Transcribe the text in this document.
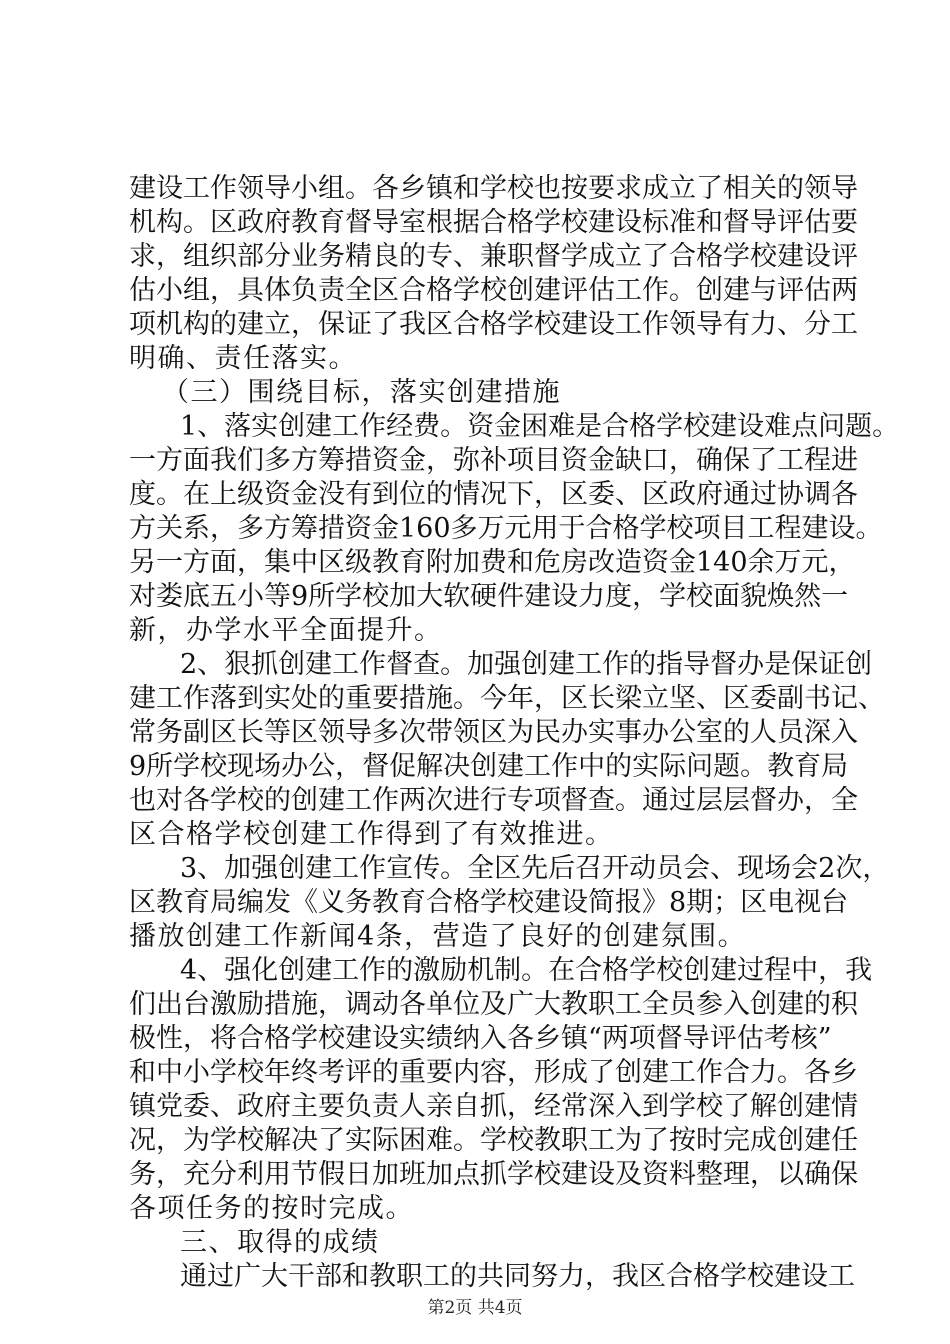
建设工作领导小组。各乡镇和学校也按要求成立了相关的领导
机构。区政府教育督导室根据合格学校建设标准和督导评估要
求，组织部分业务精良的专、兼职督学成立了合格学校建设评
估小组，具体负责全区合格学校创建评估工作。创建与评估两
项机构的建立，保证了我区合格学校建设工作领导有力、分工
明确、责任落实。
（三）围绕目标，落实创建措施
1、落实创建工作经费。资金困难是合格学校建设难点问题。
一方面我们多方筹措资金，弥补项目资金缺口，确保了工程进
度。在上级资金没有到位的情况下，区委、区政府通过协调各
方关系，多方筹措资金160多万元用于合格学校项目工程建设。
另一方面，集中区级教育附加费和危房改造资金140余万元，
对娄底五小等9所学校加大软硬件建设力度，学校面貌焕然一
新，办学水平全面提升。
2、狠抓创建工作督查。加强创建工作的指导督办是保证创
建工作落到实处的重要措施。今年，区长梁立坚、区委副书记、
常务副区长等区领导多次带领区为民办实事办公室的人员深入
9所学校现场办公，督促解决创建工作中的实际问题。教育局
也对各学校的创建工作两次进行专项督查。通过层层督办，全
区合格学校创建工作得到了有效推进。
3、加强创建工作宣传。全区先后召开动员会、现场会2次，
区教育局编发《义务教育合格学校建设简报》8期；区电视台
播放创建工作新闻4条，营造了良好的创建氛围。
4、强化创建工作的激励机制。在合格学校创建过程中，我
们出台激励措施，调动各单位及广大教职工全员参入创建的积
极性，将合格学校建设实绩纳入各乡镇“两项督导评估考核”
和中小学校年终考评的重要内容，形成了创建工作合力。各乡
镇党委、政府主要负责人亲自抓，经常深入到学校了解创建情
况，为学校解决了实际困难。学校教职工为了按时完成创建任
务，充分利用节假日加班加点抓学校建设及资料整理，以确保
各项任务的按时完成。
三、取得的成绩
通过广大干部和教职工的共同努力，我区合格学校建设工
第2页 共4页
